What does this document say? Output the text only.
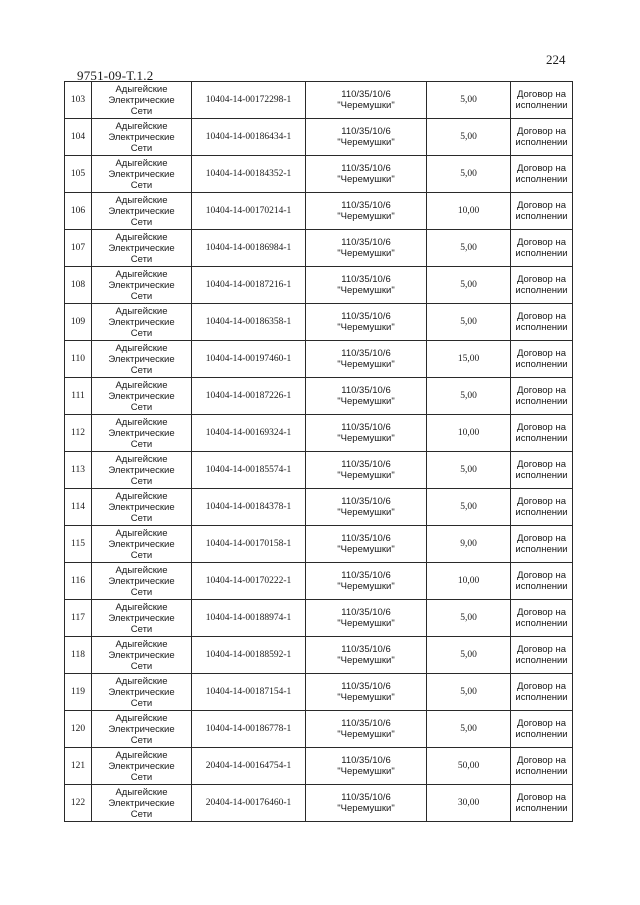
224
9751-09-Т.1.2
103	Адыгейские
Электрические
Сети	10404-14-00172298-1	110/35/10/6
"Черемушки"	5,00	Договор на
исполнении

104	Адыгейские
Электрические
Сети	10404-14-00186434-1	110/35/10/6
"Черемушки"	5,00	Договор на
исполнении

105	Адыгейские
Электрические
Сети	10404-14-00184352-1	110/35/10/6
"Черемушки"	5,00	Договор на
исполнении

106	Адыгейские
Электрические
Сети	10404-14-00170214-1	110/35/10/6
"Черемушки"	10,00	Договор на
исполнении

107	Адыгейские
Электрические
Сети	10404-14-00186984-1	110/35/10/6
"Черемушки"	5,00	Договор на
исполнении

108	Адыгейские
Электрические
Сети	10404-14-00187216-1	110/35/10/6
"Черемушки"	5,00	Договор на
исполнении

109	Адыгейские
Электрические
Сети	10404-14-00186358-1	110/35/10/6
"Черемушки"	5,00	Договор на
исполнении

110	Адыгейские
Электрические
Сети	10404-14-00197460-1	110/35/10/6
"Черемушки"	15,00	Договор на
исполнении

111	Адыгейские
Электрические
Сети	10404-14-00187226-1	110/35/10/6
"Черемушки"	5,00	Договор на
исполнении

112	Адыгейские
Электрические
Сети	10404-14-00169324-1	110/35/10/6
"Черемушки"	10,00	Договор на
исполнении

113	Адыгейские
Электрические
Сети	10404-14-00185574-1	110/35/10/6
"Черемушки"	5,00	Договор на
исполнении

114	Адыгейские
Электрические
Сети	10404-14-00184378-1	110/35/10/6
"Черемушки"	5,00	Договор на
исполнении

115	Адыгейские
Электрические
Сети	10404-14-00170158-1	110/35/10/6
"Черемушки"	9,00	Договор на
исполнении

116	Адыгейские
Электрические
Сети	10404-14-00170222-1	110/35/10/6
"Черемушки"	10,00	Договор на
исполнении

117	Адыгейские
Электрические
Сети	10404-14-00188974-1	110/35/10/6
"Черемушки"	5,00	Договор на
исполнении

118	Адыгейские
Электрические
Сети	10404-14-00188592-1	110/35/10/6
"Черемушки"	5,00	Договор на
исполнении

119	Адыгейские
Электрические
Сети	10404-14-00187154-1	110/35/10/6
"Черемушки"	5,00	Договор на
исполнении

120	Адыгейские
Электрические
Сети	10404-14-00186778-1	110/35/10/6
"Черемушки"	5,00	Договор на
исполнении

121	Адыгейские
Электрические
Сети	20404-14-00164754-1	110/35/10/6
"Черемушки"	50,00	Договор на
исполнении

122	Адыгейские
Электрические
Сети	20404-14-00176460-1	110/35/10/6
"Черемушки"	30,00	Договор на
исполнении
